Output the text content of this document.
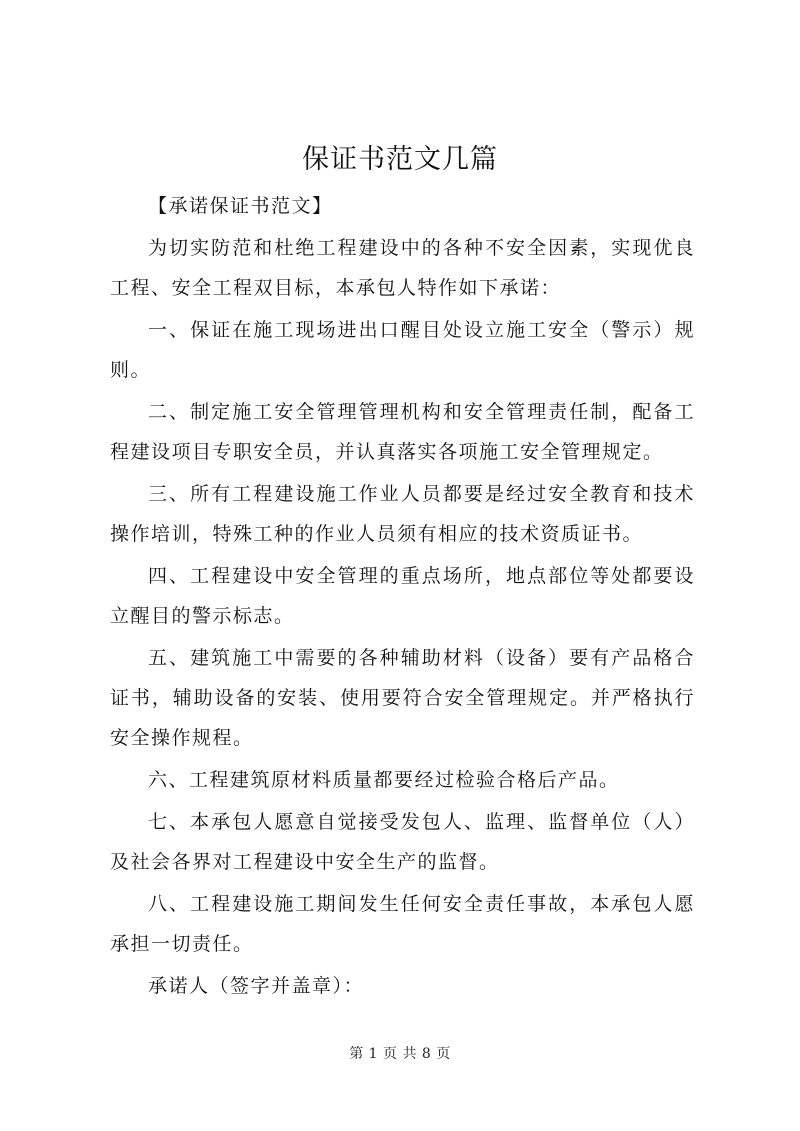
保证书范文几篇

【承诺保证书范文】

为切实防范和杜绝工程建设中的各种不安全因素，实现优良工程、安全工程双目标，本承包人特作如下承诺：

一、保证在施工现场进出口醒目处设立施工安全（警示）规则。

二、制定施工安全管理管理机构和安全管理责任制，配备工程建设项目专职安全员，并认真落实各项施工安全管理规定。

三、所有工程建设施工作业人员都要是经过安全教育和技术操作培训，特殊工种的作业人员须有相应的技术资质证书。

四、工程建设中安全管理的重点场所，地点部位等处都要设立醒目的警示标志。

五、建筑施工中需要的各种辅助材料（设备）要有产品格合证书，辅助设备的安装、使用要符合安全管理规定。并严格执行安全操作规程。

六、工程建筑原材料质量都要经过检验合格后产品。

七、本承包人愿意自觉接受发包人、监理、监督单位（人）及社会各界对工程建设中安全生产的监督。

八、工程建设施工期间发生任何安全责任事故，本承包人愿承担一切责任。

承诺人（签字并盖章）：

第 1 页 共 8 页
